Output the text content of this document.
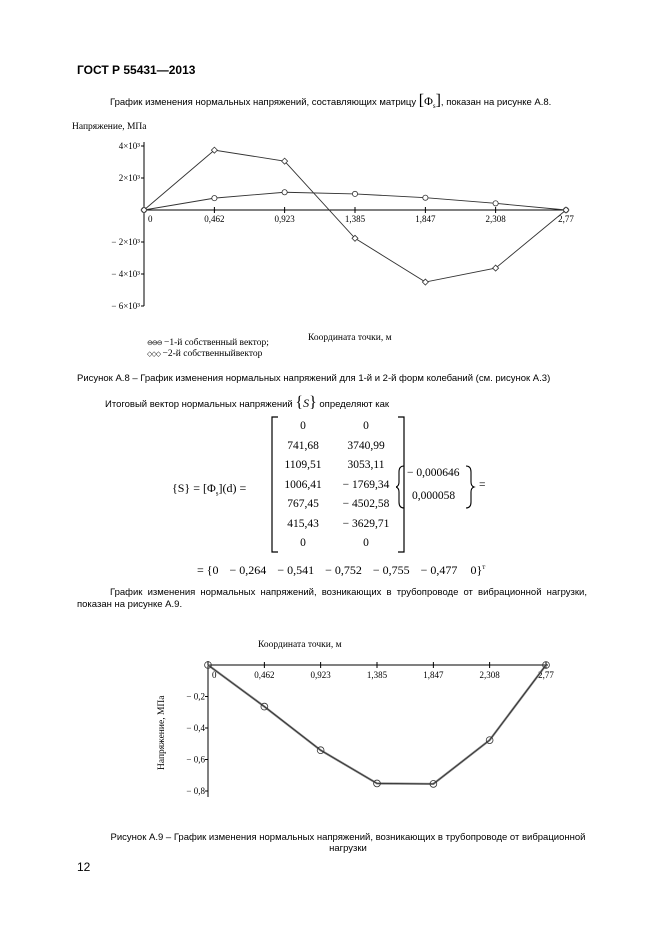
ГОСТ Р 55431—2013
График изменения нормальных напряжений, составляющих матрицу $[\Phi_s]$, показан на рисунке А.8.
Напряжение, МПа
4×10³
2×10³
− 2×10³
− 4×10³
− 6×10³
0	0,462	0,923	1,385	1,847	2,308	2,77
Координата точки, м
⊖⊖⊖ −1-й собственный вектор;
◇◇◇ −2-й собственныйвектор
Рисунок А.8 – График изменения нормальных напряжений для 1-й и 2-й форм колебаний (см. рисунок А.3)
Итоговый вектор нормальных напряжений {S} определяют как
$\{S\} = [\Phi_s](d)$ =
0	0
741,68	3740,99
1109,51	3053,11
1006,41	− 1769,34
767,45	− 4502,58
415,43	− 3629,71
0	0
− 0,000646
0,000058
=
= {0 − 0,264 − 0,541 − 0,752 − 0,755 − 0,477 0}$^т$
График изменения нормальных напряжений, возникающих в трубопроводе от вибрационной нагрузки, показан на рисунке А.9.
Координата точки, м
Напряжение, МПа − 0,2
− 0,4
− 0,6
− 0,8
0	0,462	0,923	1,385	1,847	2,308	2,77
Рисунок А.9 – График изменения нормальных напряжений, возникающих в трубопроводе от вибрационной
нагрузки
12
